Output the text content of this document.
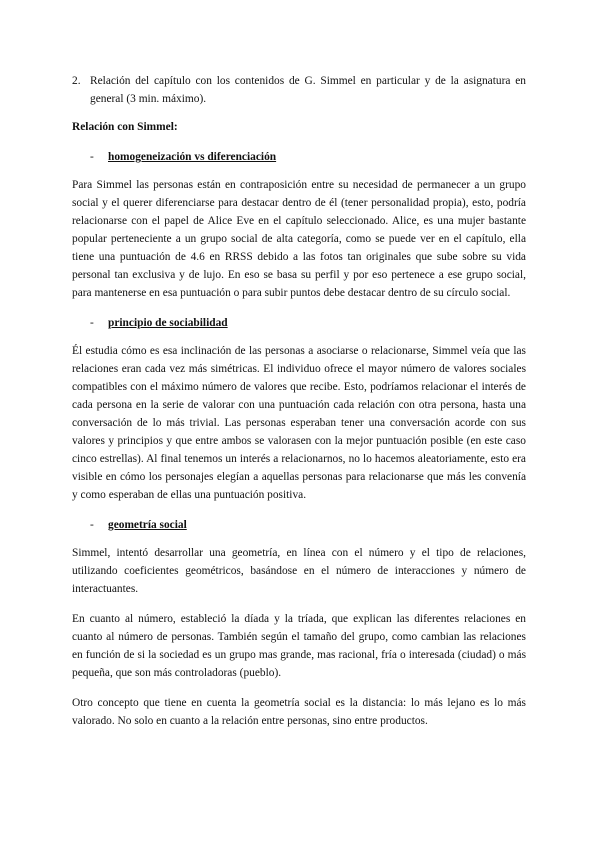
2. Relación del capítulo con los contenidos de G. Simmel en particular y de la asignatura en general (3 min. máximo).

Relación con Simmel:

- homogeneización vs diferenciación

Para Simmel las personas están en contraposición entre su necesidad de permanecer a un grupo social y el querer diferenciarse para destacar dentro de él (tener personalidad propia), esto, podría relacionarse con el papel de Alice Eve en el capítulo seleccionado. Alice, es una mujer bastante popular perteneciente a un grupo social de alta categoría, como se puede ver en el capítulo, ella tiene una puntuación de 4.6 en RRSS debido a las fotos tan originales que sube sobre su vida personal tan exclusiva y de lujo. En eso se basa su perfil y por eso pertenece a ese grupo social, para mantenerse en esa puntuación o para subir puntos debe destacar dentro de su círculo social.

- principio de sociabilidad

Él estudia cómo es esa inclinación de las personas a asociarse o relacionarse, Simmel veía que las relaciones eran cada vez más simétricas. El individuo ofrece el mayor número de valores sociales compatibles con el máximo número de valores que recibe. Esto, podríamos relacionar el interés de cada persona en la serie de valorar con una puntuación cada relación con otra persona, hasta una conversación de lo más trivial. Las personas esperaban tener una conversación acorde con sus valores y principios y que entre ambos se valorasen con la mejor puntuación posible (en este caso cinco estrellas). Al final tenemos un interés a relacionarnos, no lo hacemos aleatoriamente, esto era visible en cómo los personajes elegían a aquellas personas para relacionarse que más les convenía y como esperaban de ellas una puntuación positiva.

- geometría social

Simmel, intentó desarrollar una geometría, en línea con el número y el tipo de relaciones, utilizando coeficientes geométricos, basándose en el número de interacciones y número de interactuantes.

En cuanto al número, estableció la díada y la tríada, que explican las diferentes relaciones en cuanto al número de personas. También según el tamaño del grupo, como cambian las relaciones en función de si la sociedad es un grupo mas grande, mas racional, fría o interesada (ciudad) o más pequeña, que son más controladoras (pueblo).

Otro concepto que tiene en cuenta la geometría social es la distancia: lo más lejano es lo más valorado. No solo en cuanto a la relación entre personas, sino entre productos.
